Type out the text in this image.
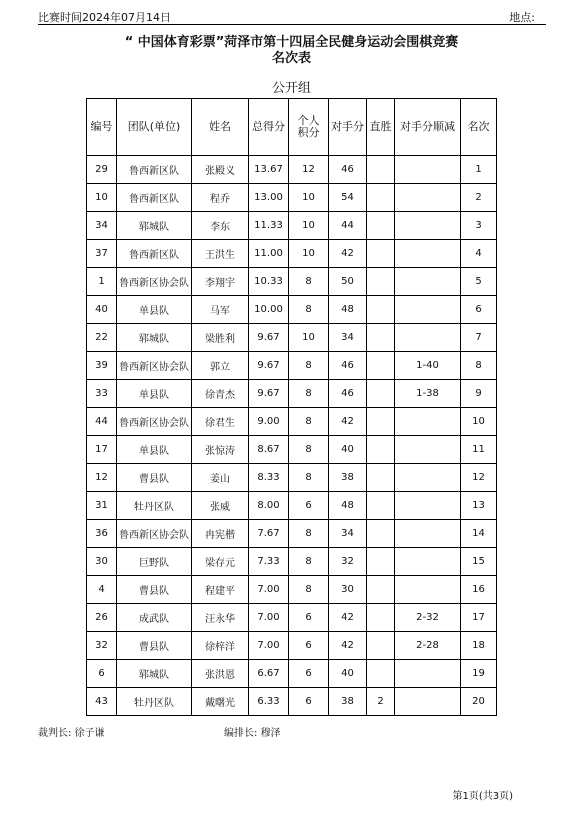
比赛时间2024年07月14日	地点:
“ 中国体育彩票”菏泽市第十四届全民健身运动会围棋竞赛
名次表
公开组
编号	团队(单位)	姓名	总得分	个人积分	对手分	直胜	对手分顺减	名次
29	鲁西新区队	张殿义	13.67	12	46			1
10	鲁西新区队	程乔	13.00	10	54			2
34	郓城队	李东	11.33	10	44			3
37	鲁西新区队	王洪生	11.00	10	42			4
1	鲁西新区协会队	李翔宇	10.33	8	50			5
40	单县队	马军	10.00	8	48			6
22	郓城队	梁胜利	9.67	10	34			7
39	鲁西新区协会队	郭立	9.67	8	46		1-40	8
33	单县队	徐青杰	9.67	8	46		1-38	9
44	鲁西新区协会队	徐君生	9.00	8	42			10
17	单县队	张惊涛	8.67	8	40			11
12	曹县队	姜山	8.33	8	38			12
31	牡丹区队	张威	8.00	6	48			13
36	鲁西新区协会队	冉宪楷	7.67	8	34			14
30	巨野队	梁存元	7.33	8	32			15
4	曹县队	程建平	7.00	8	30			16
26	成武队	汪永华	7.00	6	42		2-32	17
32	曹县队	徐梓洋	7.00	6	42		2-28	18
6	郓城队	张洪恩	6.67	6	40			19
43	牡丹区队	戴曙光	6.33	6	38	2		20
裁判长: 徐子谦	编排长: 穆泽
第1页(共3页)
